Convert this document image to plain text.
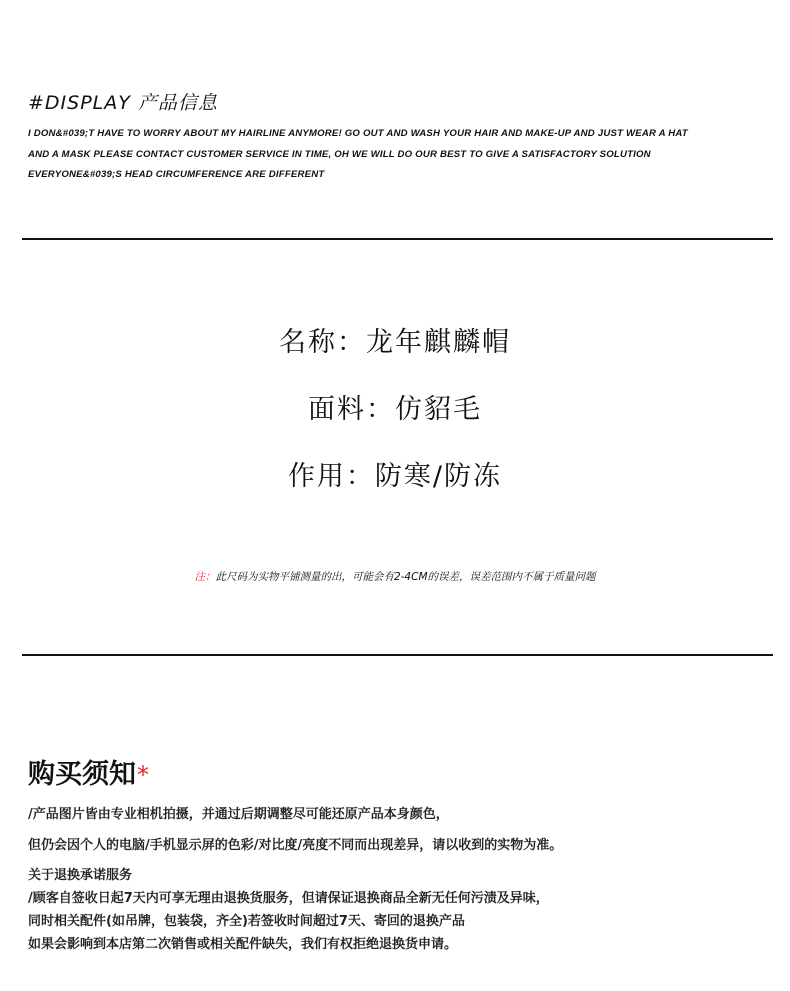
#DISPLAY 产品信息

I DON&#039;T HAVE TO WORRY ABOUT MY HAIRLINE ANYMORE! GO OUT AND WASH YOUR HAIR AND MAKE-UP AND JUST WEAR A HAT AND A MASK PLEASE CONTACT CUSTOMER SERVICE IN TIME, OH WE WILL DO OUR BEST TO GIVE A SATISFACTORY SOLUTION EVERYONE&#039;S HEAD CIRCUMFERENCE ARE DIFFERENT

名称：龙年麒麟帽
面料：仿貂毛
作用：防寒/防冻
注：此尺码为实物平铺测量的出，可能会有2-4CM的误差，误差范围内不属于质量问题
购买须知*
/产品图片皆由专业相机拍摄，并通过后期调整尽可能还原产品本身颜色，
但仍会因个人的电脑/手机显示屏的色彩/对比度/亮度不同而出现差异，请以收到的实物为准。
关于退换承诺服务
/顾客自签收日起7天内可享无理由退换货服务，但请保证退换商品全新无任何污渍及异味，
同时相关配件(如吊牌，包装袋，齐全)若签收时间超过7天、寄回的退换产品
如果会影响到本店第二次销售或相关配件缺失，我们有权拒绝退换货申请。
